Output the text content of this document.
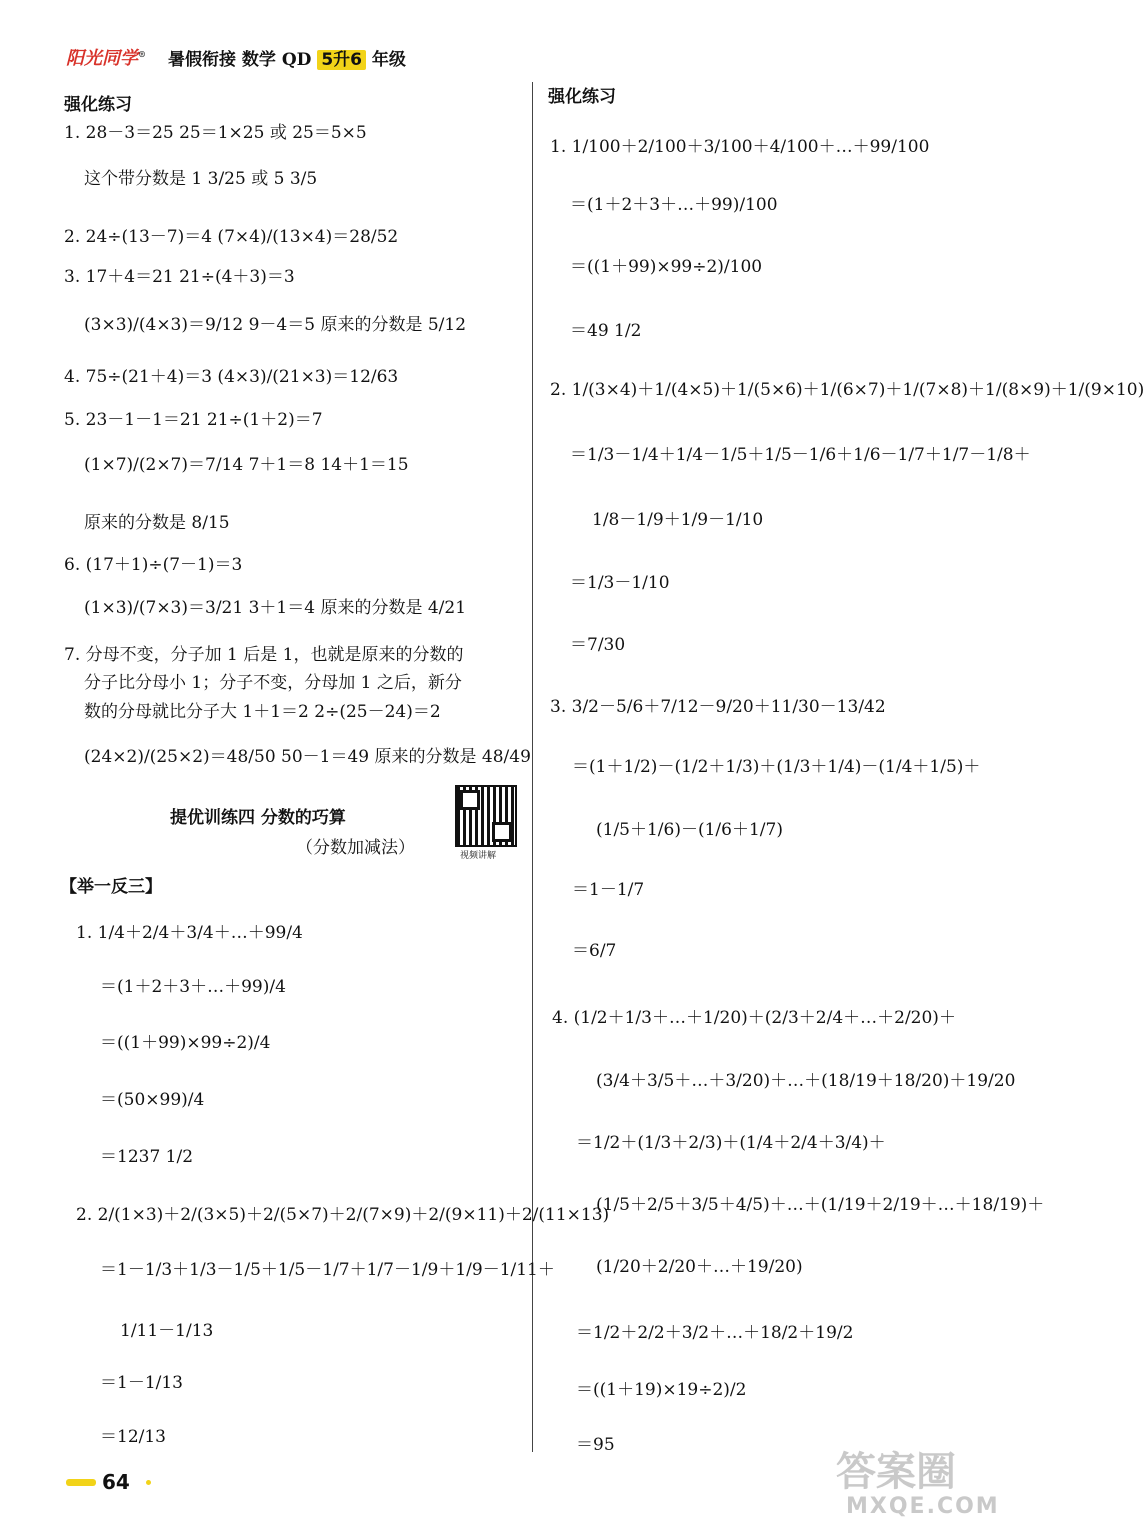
阳光同学® 暑假衔接 数学 QD 5升6 年级
强化练习
1. 28－3＝25 25＝1×25 或 25＝5×5
这个带分数是 1 3/25 或 5 3/5
2. 24÷(13－7)＝4 (7×4)/(13×4)＝28/52
3. 17＋4＝21 21÷(4＋3)＝3
(3×3)/(4×3)＝9/12 9－4＝5 原来的分数是 5/12
4. 75÷(21＋4)＝3 (4×3)/(21×3)＝12/63
5. 23－1－1＝21 21÷(1＋2)＝7
(1×7)/(2×7)＝7/14 7＋1＝8 14＋1＝15
原来的分数是 8/15
6. (17＋1)÷(7－1)＝3
(1×3)/(7×3)＝3/21 3＋1＝4 原来的分数是 4/21
7. 分母不变，分子加 1 后是 1，也就是原来的分数的
分子比分母小 1；分子不变，分母加 1 之后，新分
数的分母就比分子大 1＋1＝2 2÷(25－24)＝2
(24×2)/(25×2)＝48/50 50－1＝49 原来的分数是 48/49
提优训练四 分数的巧算
（分数加减法）	视频讲解
【举一反三】
1. 1/4＋2/4＋3/4＋…＋99/4
＝(1＋2＋3＋…＋99)/4
＝((1＋99)×99÷2)/4
＝(50×99)/4
＝1237 1/2
2. 2/(1×3)＋2/(3×5)＋2/(5×7)＋2/(7×9)＋2/(9×11)＋2/(11×13)
＝1－1/3＋1/3－1/5＋1/5－1/7＋1/7－1/9＋1/9－1/11＋
1/11－1/13
＝1－1/13
＝12/13
强化练习
1. 1/100＋2/100＋3/100＋4/100＋…＋99/100
＝(1＋2＋3＋…＋99)/100
＝((1＋99)×99÷2)/100
＝49 1/2
2. 1/(3×4)＋1/(4×5)＋1/(5×6)＋1/(6×7)＋1/(7×8)＋1/(8×9)＋1/(9×10)
＝1/3－1/4＋1/4－1/5＋1/5－1/6＋1/6－1/7＋1/7－1/8＋
1/8－1/9＋1/9－1/10
＝1/3－1/10
＝7/30
3. 3/2－5/6＋7/12－9/20＋11/30－13/42
＝(1＋1/2)－(1/2＋1/3)＋(1/3＋1/4)－(1/4＋1/5)＋
(1/5＋1/6)－(1/6＋1/7)
＝1－1/7
＝6/7
4. (1/2＋1/3＋…＋1/20)＋(2/3＋2/4＋…＋2/20)＋
(3/4＋3/5＋…＋3/20)＋…＋(18/19＋18/20)＋19/20
＝1/2＋(1/3＋2/3)＋(1/4＋2/4＋3/4)＋
(1/5＋2/5＋3/5＋4/5)＋…＋(1/19＋2/19＋…＋18/19)＋
(1/20＋2/20＋…＋19/20)
＝1/2＋2/2＋3/2＋…＋18/2＋19/2
＝((1＋19)×19÷2)/2
＝95
64	答案圈
MXQE.COM
